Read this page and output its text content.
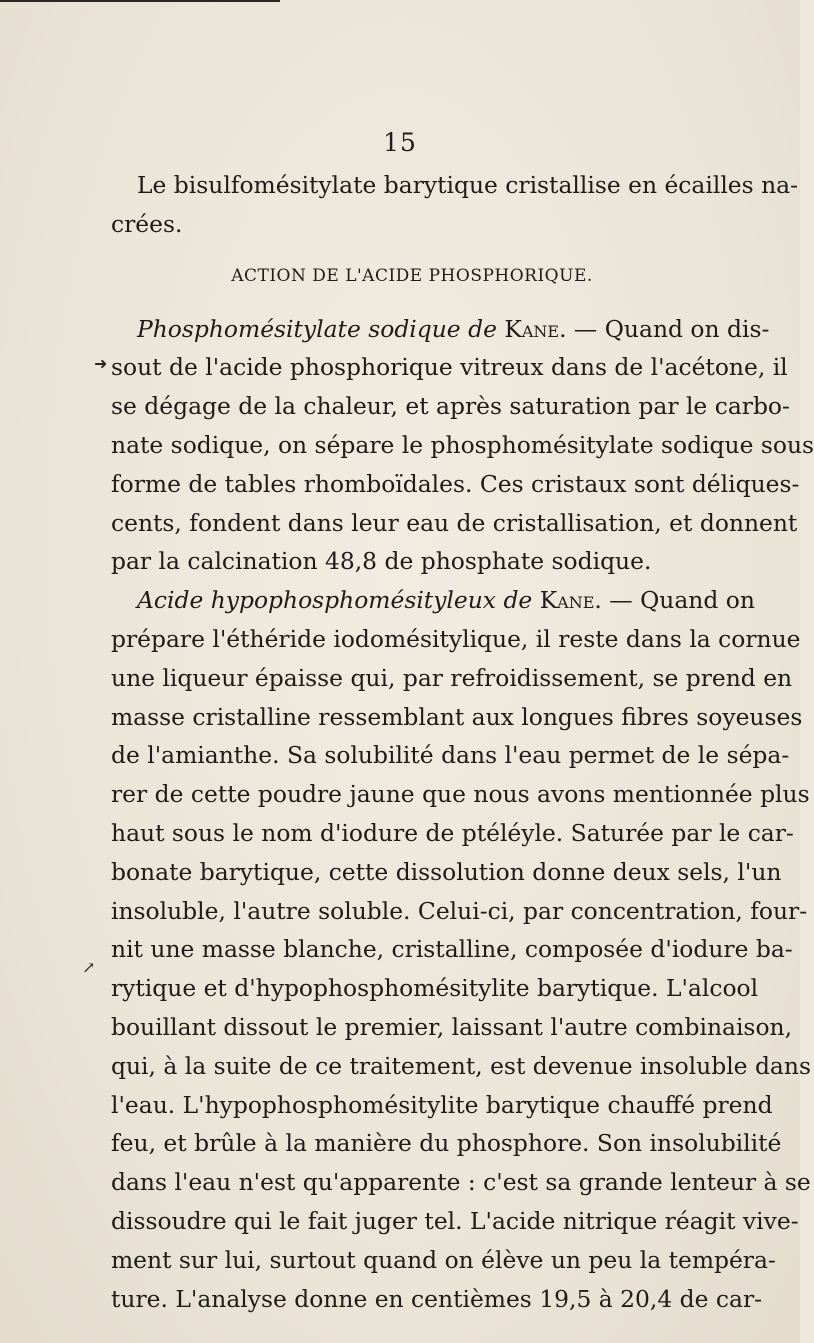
➜
↗
15
Le bisulfomésitylate barytique cristallise en écailles na-
crées.
ACTION DE L'ACIDE PHOSPHORIQUE.
Phosphomésitylate sodique de Kane. — Quand on dis-
sout de l'acide phosphorique vitreux dans de l'acétone, il
se dégage de la chaleur, et après saturation par le carbo-
nate sodique, on sépare le phosphomésitylate sodique sous
forme de tables rhomboïdales. Ces cristaux sont déliques-
cents, fondent dans leur eau de cristallisation, et donnent
par la calcination 48,8 de phosphate sodique.
Acide hypophosphomésityleux de Kane. — Quand on
prépare l'éthéride iodomésitylique, il reste dans la cornue
une liqueur épaisse qui, par refroidissement, se prend en
masse cristalline ressemblant aux longues fibres soyeuses
de l'amianthe. Sa solubilité dans l'eau permet de le sépa-
rer de cette poudre jaune que nous avons mentionnée plus
haut sous le nom d'iodure de ptéléyle. Saturée par le car-
bonate barytique, cette dissolution donne deux sels, l'un
insoluble, l'autre soluble. Celui-ci, par concentration, four-
nit une masse blanche, cristalline, composée d'iodure ba-
rytique et d'hypophosphomésitylite barytique. L'alcool
bouillant dissout le premier, laissant l'autre combinaison,
qui, à la suite de ce traitement, est devenue insoluble dans
l'eau. L'hypophosphomésitylite barytique chauffé prend
feu, et brûle à la manière du phosphore. Son insolubilité
dans l'eau n'est qu'apparente : c'est sa grande lenteur à se
dissoudre qui le fait juger tel. L'acide nitrique réagit vive-
ment sur lui, surtout quand on élève un peu la tempéra-
ture. L'analyse donne en centièmes 19,5 à 20,4 de car-
